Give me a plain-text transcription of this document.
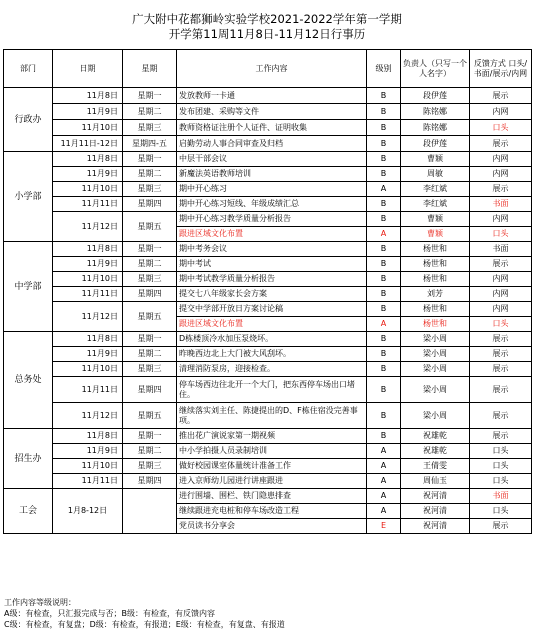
广大附中花都狮岭实验学校2021-2022学年第一学期
开学第11周11月8日-11月12日行事历
部门	日期	星期	工作内容	级别	负责人（只写一个人名字）	反馈方式 口头/书面/展示/内网
行政办	11月8日	星期一	发放教师一卡通	B	段伊莲	展示
	11月9日	星期二	发布团建、采购等文件	B	陈铭娜	内网
	11月10日	星期三	教师资格证注册个人证件、证明收集	B	陈铭娜	口头
	11月11日-12日	星期四-五	启勤劳动人事合同审查及归档	B	段伊莲	展示
小学部	11月8日	星期一	中层干部会议	B	曹颖	内网
	11月9日	星期二	新魔法英语教师培训	B	周敏	内网
	11月10日	星期三	期中开心练习	A	李红斌	展示
	11月11日	星期四	期中开心练习短线、年级成绩汇总	B	李红斌	书面
	11月12日	星期五	期中开心练习教学质量分析报告	B	曹颖	内网
			跟进区域文化布置	A	曹颖	口头
中学部	11月8日	星期一	期中考务会议	B	杨世和	书面
	11月9日	星期二	期中考试	B	杨世和	展示
	11月10日	星期三	期中考试教学质量分析报告	B	杨世和	内网
	11月11日	星期四	提交七八年级家长会方案	B	刘芳	内网
	11月12日	星期五	提交中学部开放日方案讨论稿	B	杨世和	内网
			跟进区域文化布置	A	杨世和	口头
总务处	11月8日	星期一	D栋楼顶冷水加压泵烧坏。	B	梁小周	展示
	11月9日	星期二	昨晚西边北上大门被大风刮坏。	B	梁小周	展示
	11月10日	星期三	清理消防泵房，迎接检查。	B	梁小周	展示
	11月11日	星期四	停车场西边往北开一个大门，把东西停车场出口堵住。	B	梁小周	展示
	11月12日	星期五	继续落实刘主任、陈捷提出的D、F栋住宿没完善事项。	B	梁小周	展示
招生办	11月8日	星期一	推出花广演说家第一期视频	B	祝雄乾	展示
	11月9日	星期二	中小学拍摄人员录制培训	A	祝雄乾	口头
	11月10日	星期三	做好校园课室体量统计准备工作	A	王倩雯	口头
	11月11日	星期四	进入京师幼儿园进行讲座跟进	A	周仙玉	口头
工会	1月8-12日		进行围墙、围栏、铁门隐患排查	A	祝河清	书面
			继续跟进充电桩和停车场改造工程	A	祝河清	口头
			党员读书分享会	E	祝河清	展示
工作内容等级说明：
A级：有检查，只汇报完成与否；B级：有检查，有反馈内容
C级：有检查，有复盘；D级：有检查，有报道；E级：有检查，有复盘、有报道
